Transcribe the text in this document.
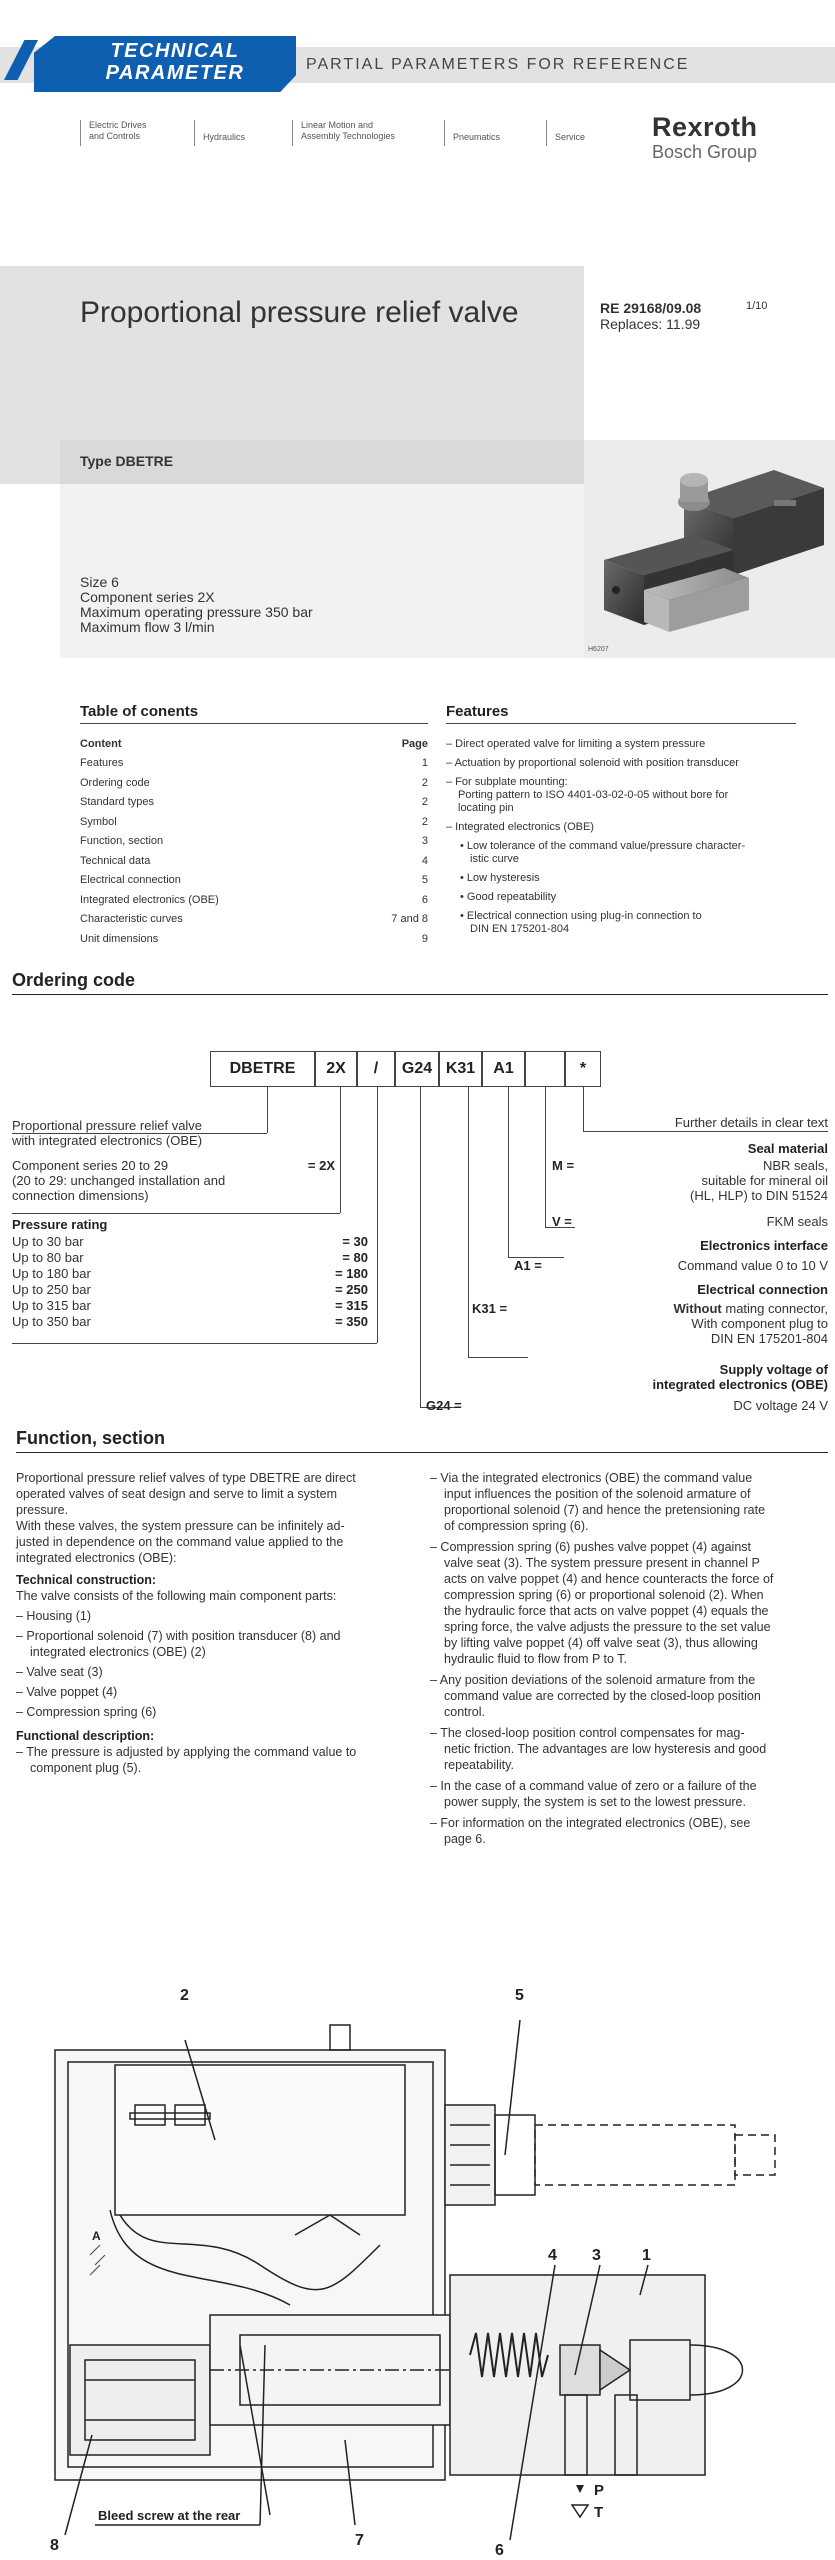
TECHNICAL
PARAMETER	PARTIAL PARAMETERS FOR REFERENCE
Electric Drives
and Controls	Hydraulics
Linear Motion and
Assembly Technologies	Pneumatics	Service Rexroth
Bosch Group
Proportional pressure relief valve	RE 29168/09.08
Replaces: 11.99
1/10
Type DBETRE
Size 6
Component series 2X
Maximum operating pressure 350 bar
Maximum flow 3 l/min
H6207
Table of conents
Content	Page
Features	1
Ordering code	2
Standard types	2
Symbol	2
Function, section	3
Technical data	4
Electrical connection	5
Integrated electronics (OBE)	6
Characteristic curves	7 and 8
Unit dimensions	9
Features
– Direct operated valve for limiting a system pressure
– Actuation by proportional solenoid with position transducer
– For subplate mounting:
Porting pattern to ISO 4401-03-02-0-05 without bore for
locating pin
– Integrated electronics (OBE)
• Low tolerance of the command value/pressure character-
istic curve
• Low hysteresis
• Good repeatability
• Electrical connection using plug-in connection to
DIN EN 175201-804
Ordering code
DBETRE	2X	/	G24 K31	A1	*
Proportional pressure relief valve
with integrated electronics (OBE)
Component series 20 to 29
(20 to 29: unchanged installation and
connection dimensions)
= 2X
Pressure rating
Up to 30 bar	= 30
Up to 80 bar	= 80
Up to 180 bar	= 180
Up to 250 bar	= 250
Up to 315 bar	= 315
Up to 350 bar	= 350
Further details in clear text
Seal material
M =	NBR seals,
suitable for mineral oil
(HL, HLP) to DIN 51524
V =	FKM seals
Electronics interface
A1 =	Command value 0 to 10 V
Electrical connection
K31 =	Without mating connector,
With component plug to
DIN EN 175201-804
Supply voltage of
integrated electronics (OBE)
G24 =	DC voltage 24 V
Function, section
Proportional pressure relief valves of type DBETRE are direct
operated valves of seat design and serve to limit a system
pressure.
With these valves, the system pressure can be infinitely ad-
justed in dependence on the command value applied to the
integrated electronics (OBE):
Technical construction:
The valve consists of the following main component parts:
– Housing (1)
– Proportional solenoid (7) with position transducer (8) and
integrated electronics (OBE) (2)
– Valve seat (3)
– Valve poppet (4)
– Compression spring (6)
Functional description:
– The pressure is adjusted by applying the command value to
component plug (5).
– Via the integrated electronics (OBE) the command value
input influences the position of the solenoid armature of
proportional solenoid (7) and hence the pretensioning rate
of compression spring (6).
– Compression spring (6) pushes valve poppet (4) against
valve seat (3). The system pressure present in channel P
acts on valve poppet (4) and hence counteracts the force of
compression spring (6) or proportional solenoid (2). When
the hydraulic force that acts on valve poppet (4) equals the
spring force, the valve adjusts the pressure to the set value
by lifting valve poppet (4) off valve seat (3), thus allowing
hydraulic fluid to flow from P to T.
– Any position deviations of the solenoid armature from the
command value are corrected by the closed-loop position
control.
– The closed-loop position control compensates for mag-
netic friction. The advantages are low hysteresis and good
repeatability.
– In the case of a command value of zero or a failure of the
power supply, the system is set to the lowest pressure.
– For information on the integrated electronics (OBE), see
page 6.
2	5
4 3	1
8	7
6
Bleed screw at the rear
P
T
A
